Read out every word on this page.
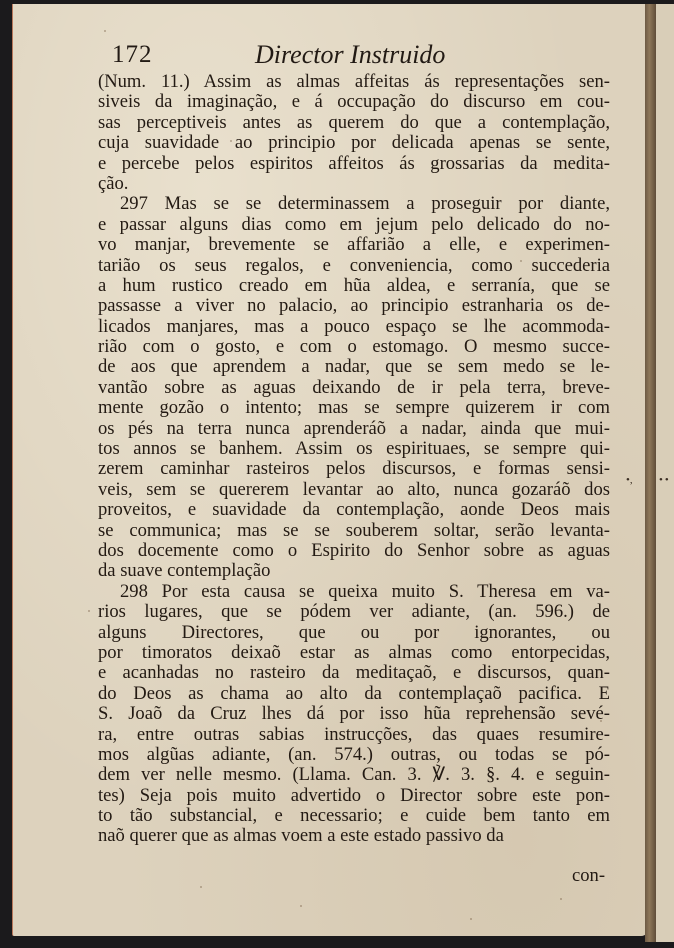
••
172	Director Instruido
(Num. 11.) Assim as almas affeitas ás representações sen-
siveis da imaginação, e á occupação do discurso em cou-
sas perceptiveis antes as querem do que a contemplação,
cuja suavidade ao principio por delicada apenas se sente,
e percebe pelos espiritos affeitos ás grossarias da medita-
ção.
297 Mas se se determinassem a proseguir por diante,
e passar alguns dias como em jejum pelo delicado do no-
vo manjar, brevemente se affarião a elle, e experimen-
tarião os seus regalos, e conveniencia, como succederia
a hum rustico creado em hũa aldea, e serranía, que se
passasse a viver no palacio, ao principio estranharia os de-
licados manjares, mas a pouco espaço se lhe acommoda-
rião com o gosto, e com o estomago. O mesmo succe-
de aos que aprendem a nadar, que se sem medo se le-
vantão sobre as aguas deixando de ir pela terra, breve-
mente gozão o intento; mas se sempre quizerem ir com
os pés na terra nunca aprenderáõ a nadar, ainda que mui-
tos annos se banhem. Assim os espirituaes, se sempre qui-
zerem caminhar rasteiros pelos discursos, e formas sensi-
veis, sem se quererem levantar ao alto, nunca gozaráõ dos
proveitos, e suavidade da contemplação, aonde Deos mais
se communica; mas se se souberem soltar, serão levanta-
dos docemente como o Espirito do Senhor sobre as aguas
da suave contemplação
298 Por esta causa se queixa muito S. Theresa em va-
rios lugares, que se pódem ver adiante, (an. 596.) de
alguns Directores, que ou por ignorantes, ou
por timoratos deixaõ estar as almas como entorpecidas,
e acanhadas no rasteiro da meditaçaõ, e discursos, quan-
do Deos as chama ao alto da contemplaçaõ pacifica. E
S. Joaõ da Cruz lhes dá por isso hũa reprehensão sevé-
ra, entre outras sabias instrucções, das quaes resumire-
mos algũas adiante, (an. 574.) outras, ou todas se pó-
dem ver nelle mesmo. (Llama. Can. 3. ℣. 3. §. 4. e seguin-
tes) Seja pois muito advertido o Director sobre este pon-
to tão substancial, e necessario; e cuide bem tanto em
naõ querer que as almas voem a este estado passivo da
•,
con-
